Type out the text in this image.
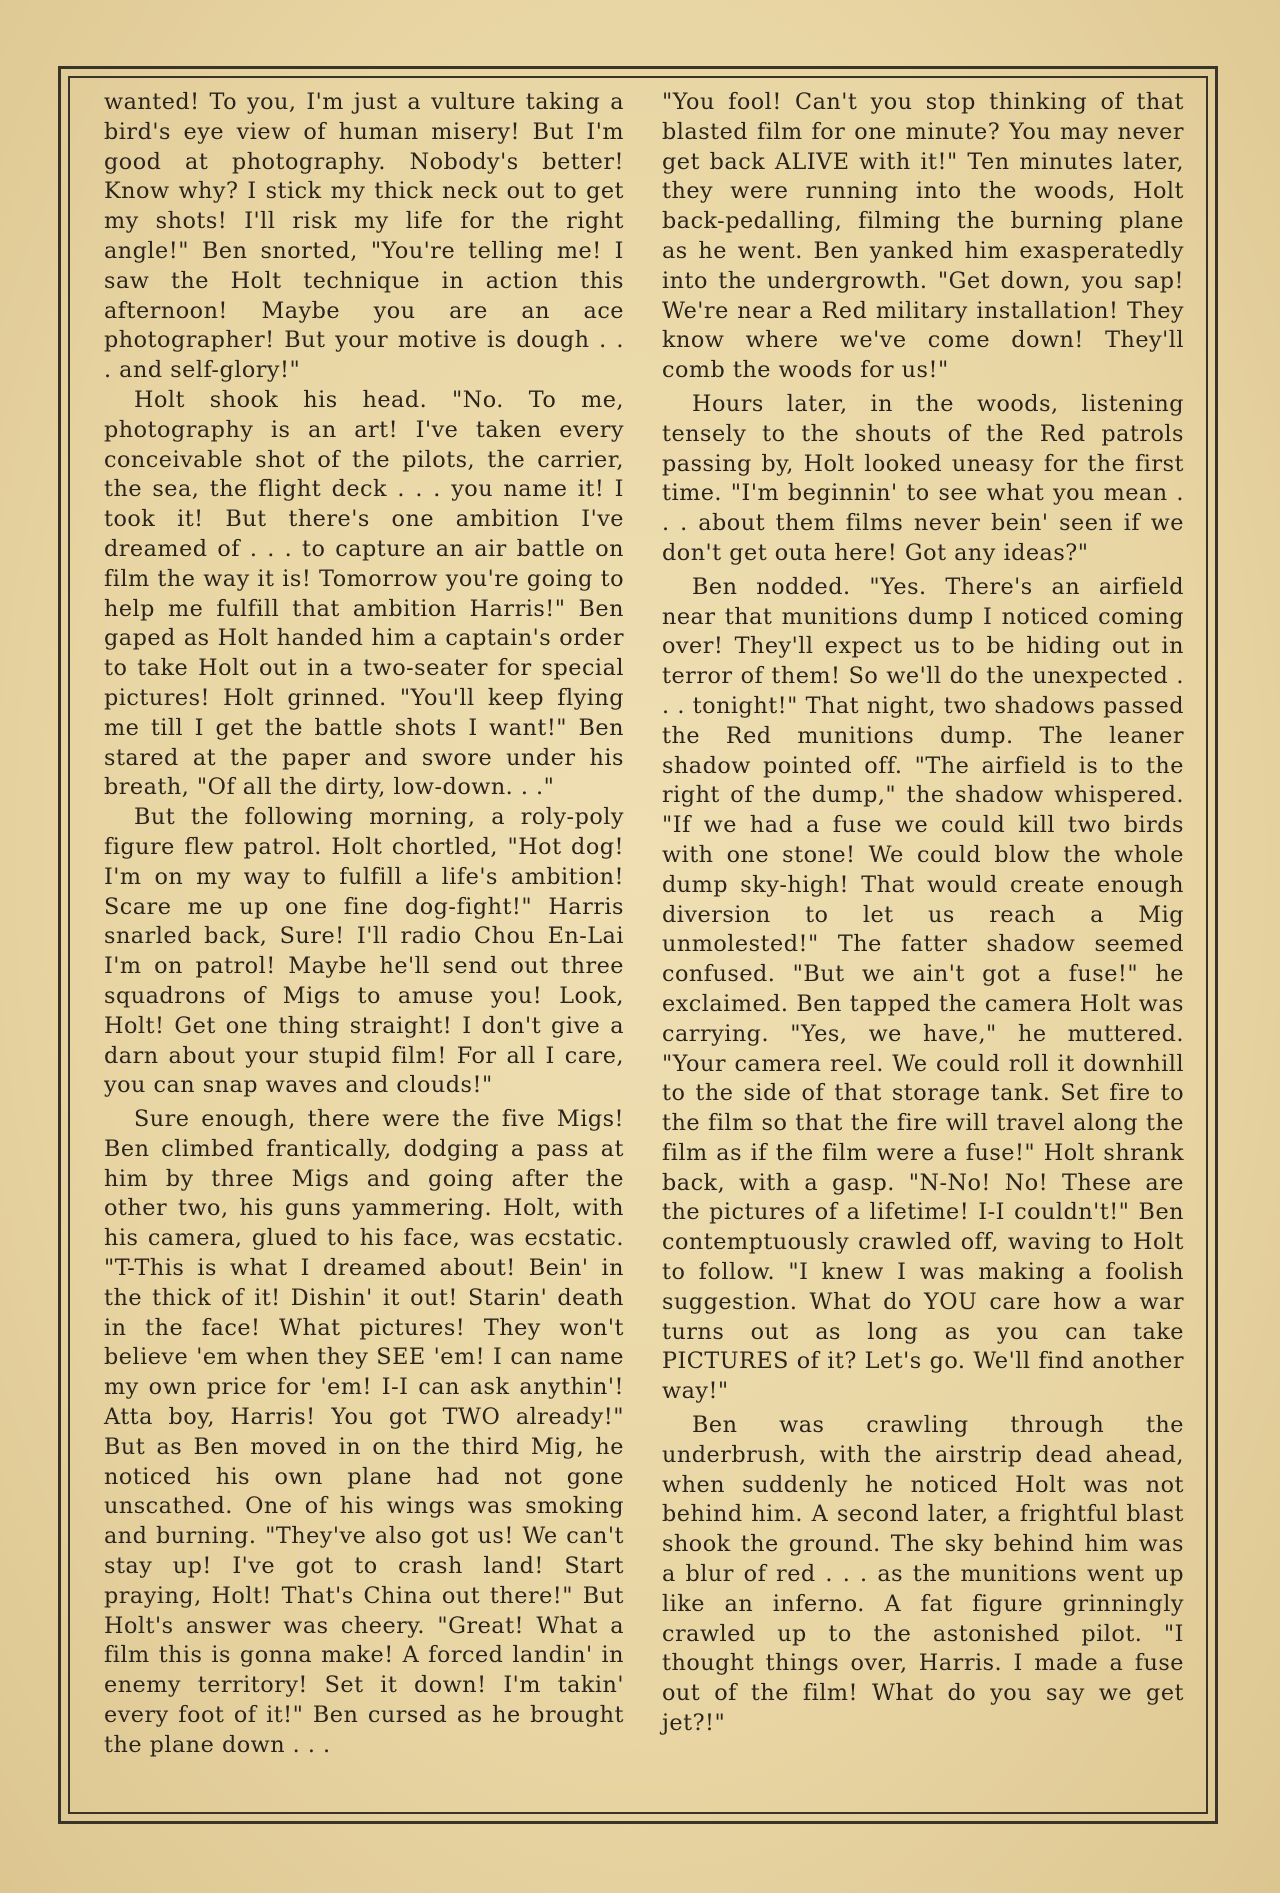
wanted! To you, I'm just a vulture taking a bird's eye view of human misery! But I'm good at photography. Nobody's better! Know why? I stick my thick neck out to get my shots! I'll risk my life for the right angle!" Ben snorted, "You're telling me! I saw the Holt technique in action this afternoon! Maybe you are an ace photographer! But your motive is dough . . . and self-glory!"

Holt shook his head. "No. To me, photography is an art! I've taken every conceivable shot of the pilots, the carrier, the sea, the flight deck . . . you name it! I took it! But there's one ambition I've dreamed of . . . to capture an air battle on film the way it is! Tomorrow you're going to help me fulfill that ambition Harris!" Ben gaped as Holt handed him a captain's order to take Holt out in a two-seater for special pictures! Holt grinned. "You'll keep flying me till I get the battle shots I want!" Ben stared at the paper and swore under his breath, "Of all the dirty, low-down. . ."

But the following morning, a roly-poly figure flew patrol. Holt chortled, "Hot dog! I'm on my way to fulfill a life's ambition! Scare me up one fine dog-fight!" Harris snarled back, Sure! I'll radio Chou En-Lai I'm on patrol! Maybe he'll send out three squadrons of Migs to amuse you! Look, Holt! Get one thing straight! I don't give a darn about your stupid film! For all I care, you can snap waves and clouds!"

Sure enough, there were the five Migs! Ben climbed frantically, dodging a pass at him by three Migs and going after the other two, his guns yammering. Holt, with his camera, glued to his face, was ecstatic. "T-This is what I dreamed about! Bein' in the thick of it! Dishin' it out! Starin' death in the face! What pictures! They won't believe 'em when they SEE 'em! I can name my own price for 'em! I-I can ask anythin'! Atta boy, Harris! You got TWO already!" But as Ben moved in on the third Mig, he noticed his own plane had not gone unscathed. One of his wings was smoking and burning. "They've also got us! We can't stay up! I've got to crash land! Start praying, Holt! That's China out there!" But Holt's answer was cheery. "Great! What a film this is gonna make! A forced landin' in enemy territory! Set it down! I'm takin' every foot of it!" Ben cursed as he brought the plane down . . .

"You fool! Can't you stop thinking of that blasted film for one minute? You may never get back ALIVE with it!" Ten minutes later, they were running into the woods, Holt back-pedalling, filming the burning plane as he went. Ben yanked him exasperatedly into the undergrowth. "Get down, you sap! We're near a Red military installation! They know where we've come down! They'll comb the woods for us!"

Hours later, in the woods, listening tensely to the shouts of the Red patrols passing by, Holt looked uneasy for the first time. "I'm beginnin' to see what you mean . . . about them films never bein' seen if we don't get outa here! Got any ideas?"

Ben nodded. "Yes. There's an airfield near that munitions dump I noticed coming over! They'll expect us to be hiding out in terror of them! So we'll do the unexpected . . . tonight!" That night, two shadows passed the Red munitions dump. The leaner shadow pointed off. "The airfield is to the right of the dump," the shadow whispered. "If we had a fuse we could kill two birds with one stone! We could blow the whole dump sky-high! That would create enough diversion to let us reach a Mig unmolested!" The fatter shadow seemed confused. "But we ain't got a fuse!" he exclaimed. Ben tapped the camera Holt was carrying. "Yes, we have," he muttered. "Your camera reel. We could roll it downhill to the side of that storage tank. Set fire to the film so that the fire will travel along the film as if the film were a fuse!" Holt shrank back, with a gasp. "N-No! No! These are the pictures of a lifetime! I-I couldn't!" Ben contemptuously crawled off, waving to Holt to follow. "I knew I was making a foolish suggestion. What do YOU care how a war turns out as long as you can take PICTURES of it? Let's go. We'll find another way!"

Ben was crawling through the underbrush, with the airstrip dead ahead, when suddenly he noticed Holt was not behind him. A second later, a frightful blast shook the ground. The sky behind him was a blur of red . . . as the munitions went up like an inferno. A fat figure grinningly crawled up to the astonished pilot. "I thought things over, Harris. I made a fuse out of the film! What do you say we get jet?!"
